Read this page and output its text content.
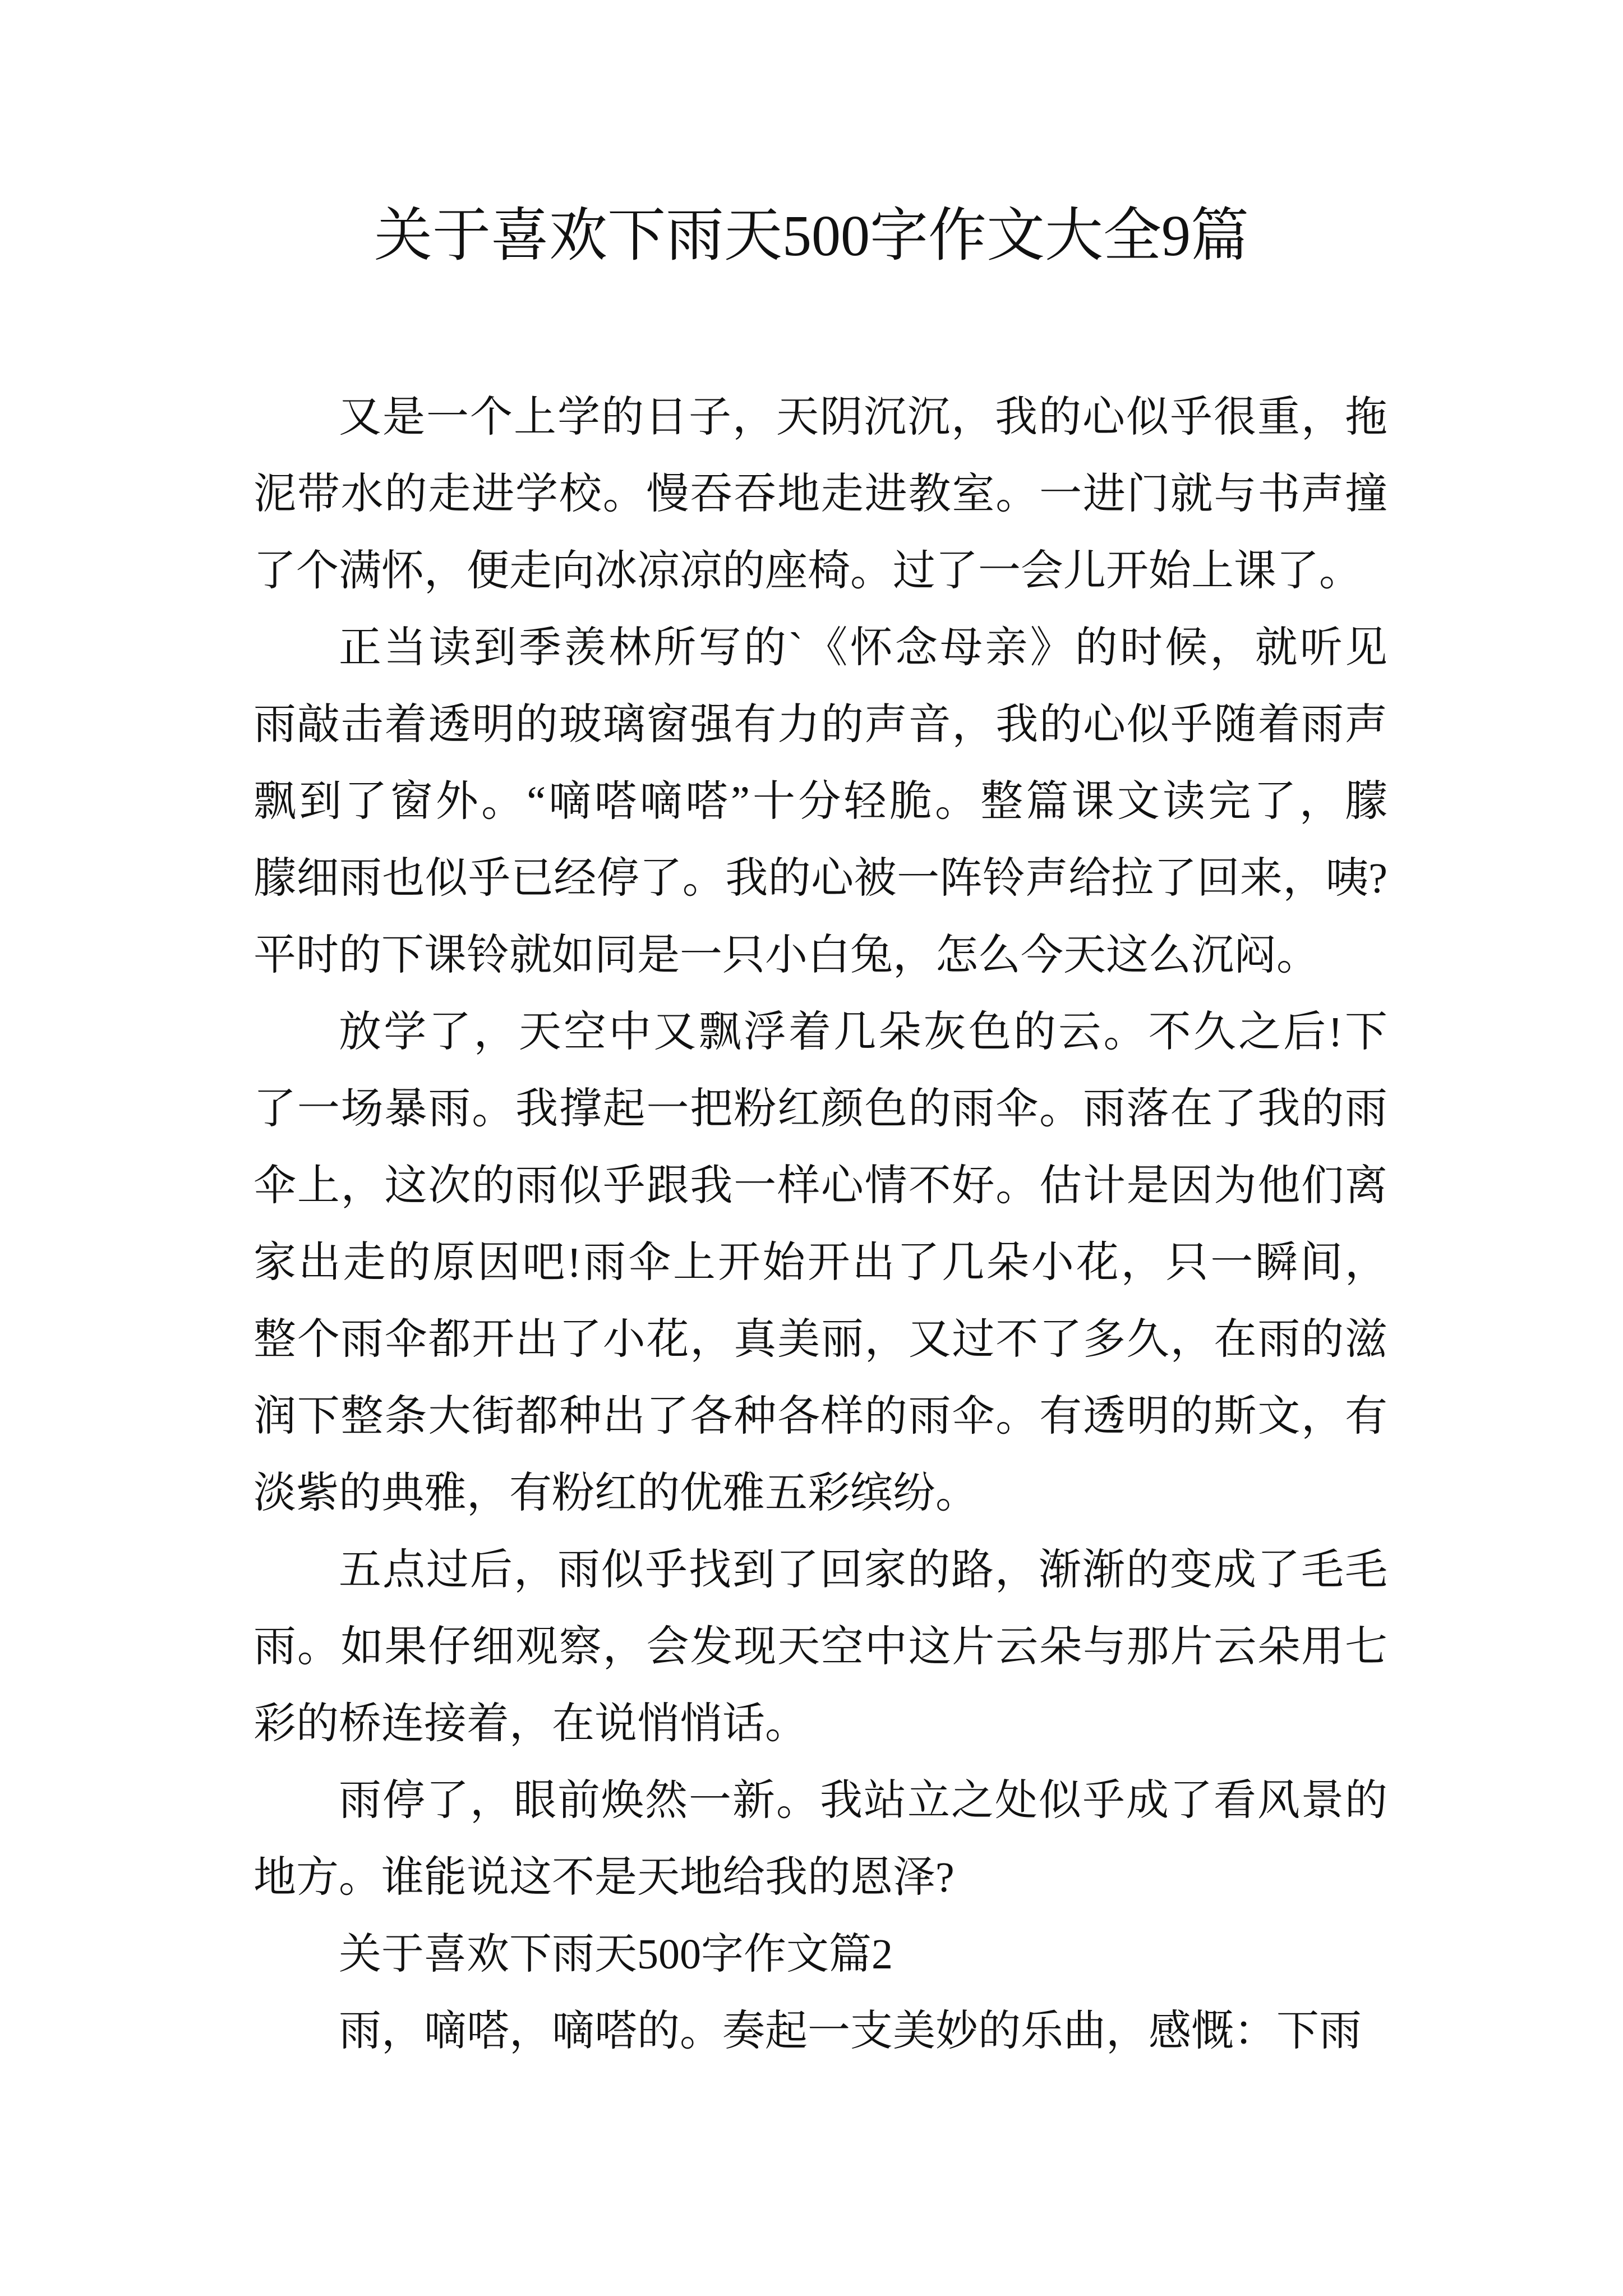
关于喜欢下雨天500字作文大全9篇
又是一个上学的日子，天阴沉沉，我的心似乎很重，拖
泥带水的走进学校。慢吞吞地走进教室。一进门就与书声撞
了个满怀，便走向冰凉凉的座椅。过了一会儿开始上课了。
正当读到季羡林所写的`《怀念母亲》的时候，就听见
雨敲击着透明的玻璃窗强有力的声音，我的心似乎随着雨声
飘到了窗外。“嘀嗒嘀嗒”十分轻脆。整篇课文读完了，朦
朦细雨也似乎已经停了。我的心被一阵铃声给拉了回来，咦?
平时的下课铃就如同是一只小白兔，怎么今天这么沉闷。
放学了，天空中又飘浮着几朵灰色的云。不久之后!下
了一场暴雨。我撑起一把粉红颜色的雨伞。雨落在了我的雨
伞上，这次的雨似乎跟我一样心情不好。估计是因为他们离
家出走的原因吧!雨伞上开始开出了几朵小花，只一瞬间，
整个雨伞都开出了小花，真美丽，又过不了多久，在雨的滋
润下整条大街都种出了各种各样的雨伞。有透明的斯文，有
淡紫的典雅，有粉红的优雅五彩缤纷。
五点过后，雨似乎找到了回家的路，渐渐的变成了毛毛
雨。如果仔细观察，会发现天空中这片云朵与那片云朵用七
彩的桥连接着，在说悄悄话。
雨停了，眼前焕然一新。我站立之处似乎成了看风景的
地方。谁能说这不是天地给我的恩泽?
关于喜欢下雨天500字作文篇2
雨，嘀嗒，嘀嗒的。奏起一支美妙的乐曲，感慨：下雨
